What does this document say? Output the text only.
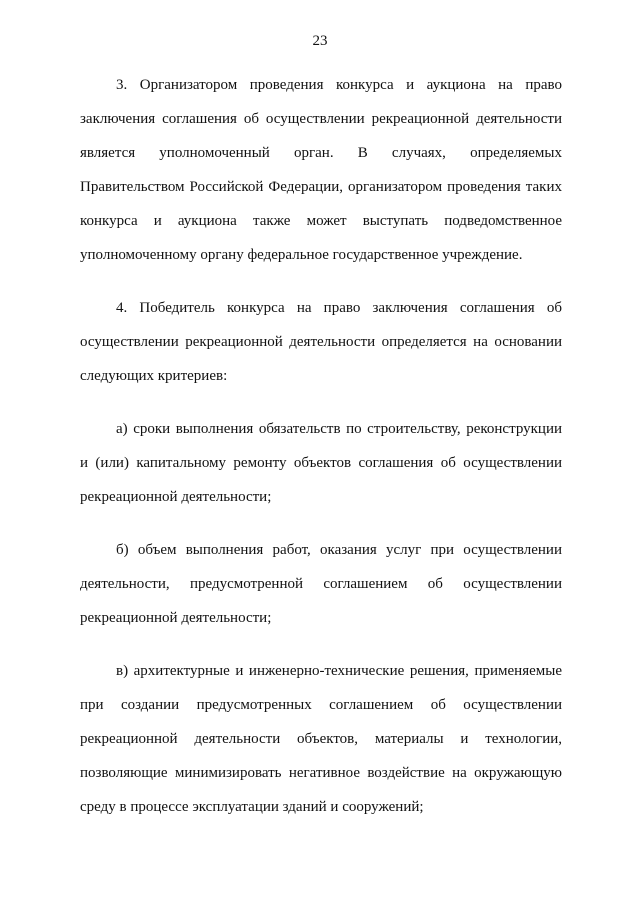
23
3. Организатором проведения конкурса и аукциона на право
заключения соглашения об осуществлении рекреационной деятельности
является уполномоченный орган. В случаях, определяемых
Правительством Российской Федерации, организатором проведения таких
конкурса и аукциона также может выступать подведомственное
уполномоченному органу федеральное государственное учреждение.
4. Победитель конкурса на право заключения соглашения об
осуществлении рекреационной деятельности определяется на основании
следующих критериев:
а) сроки выполнения обязательств по строительству, реконструкции
и (или) капитальному ремонту объектов соглашения об осуществлении
рекреационной деятельности;
б) объем выполнения работ, оказания услуг при осуществлении
деятельности, предусмотренной соглашением об осуществлении
рекреационной деятельности;
в) архитектурные и инженерно-технические решения, применяемые
при создании предусмотренных соглашением об осуществлении
рекреационной деятельности объектов, материалы и технологии,
позволяющие минимизировать негативное воздействие на окружающую
среду в процессе эксплуатации зданий и сооружений;
